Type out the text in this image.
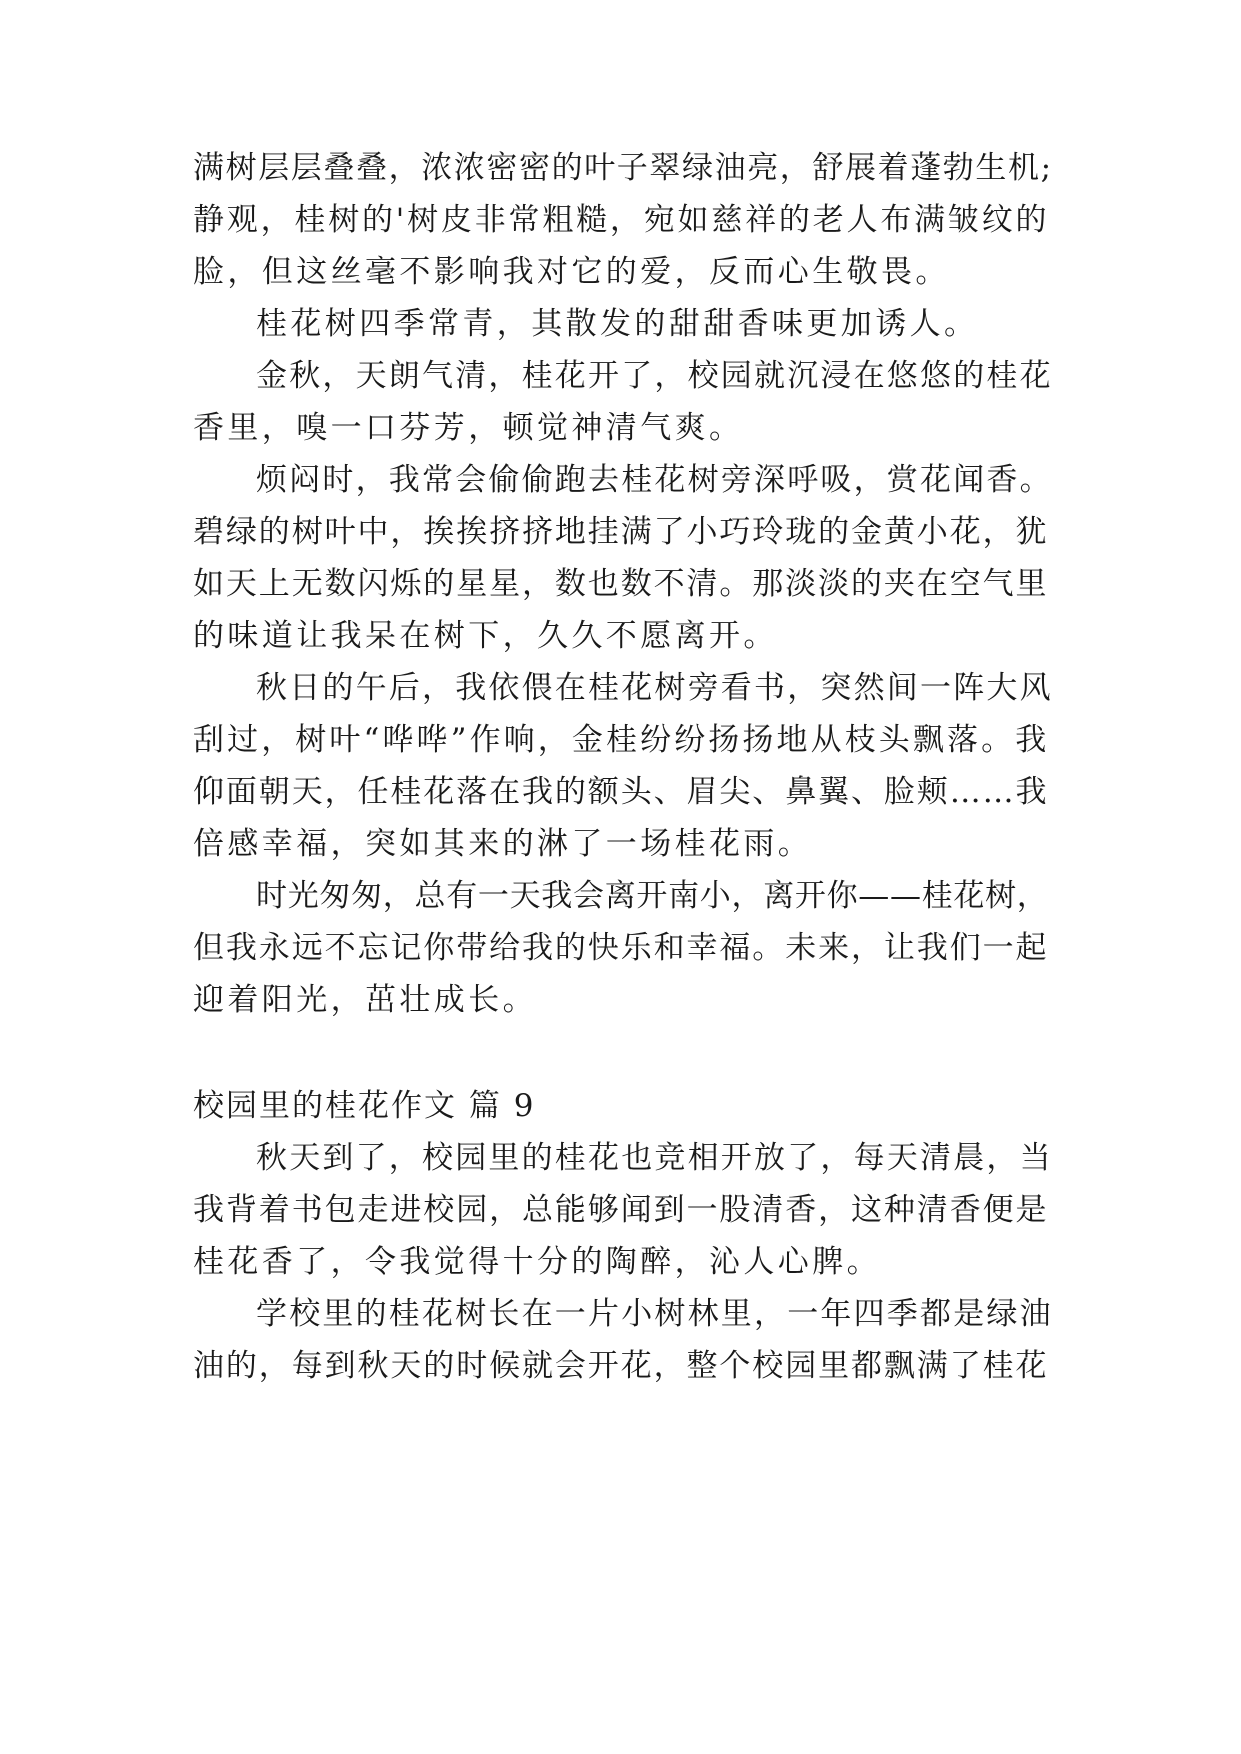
满树层层叠叠，浓浓密密的叶子翠绿油亮，舒展着蓬勃生机;
静观，桂树的'树皮非常粗糙，宛如慈祥的老人布满皱纹的
脸，但这丝毫不影响我对它的爱，反而心生敬畏。
桂花树四季常青，其散发的甜甜香味更加诱人。
金秋，天朗气清，桂花开了，校园就沉浸在悠悠的桂花
香里，嗅一口芬芳，顿觉神清气爽。
烦闷时，我常会偷偷跑去桂花树旁深呼吸，赏花闻香。
碧绿的树叶中，挨挨挤挤地挂满了小巧玲珑的金黄小花，犹
如天上无数闪烁的星星，数也数不清。那淡淡的夹在空气里
的味道让我呆在树下，久久不愿离开。
秋日的午后，我依偎在桂花树旁看书，突然间一阵大风
刮过，树叶“哗哗”作响，金桂纷纷扬扬地从枝头飘落。我
仰面朝天，任桂花落在我的额头、眉尖、鼻翼、脸颊……我
倍感幸福，突如其来的淋了一场桂花雨。
时光匆匆，总有一天我会离开南小，离开你——桂花树，
但我永远不忘记你带给我的快乐和幸福。未来，让我们一起
迎着阳光，茁壮成长。
校园里的桂花作文 篇 9
秋天到了，校园里的桂花也竞相开放了，每天清晨，当
我背着书包走进校园，总能够闻到一股清香，这种清香便是
桂花香了，令我觉得十分的陶醉，沁人心脾。
学校里的桂花树长在一片小树林里，一年四季都是绿油
油的，每到秋天的时候就会开花，整个校园里都飘满了桂花
